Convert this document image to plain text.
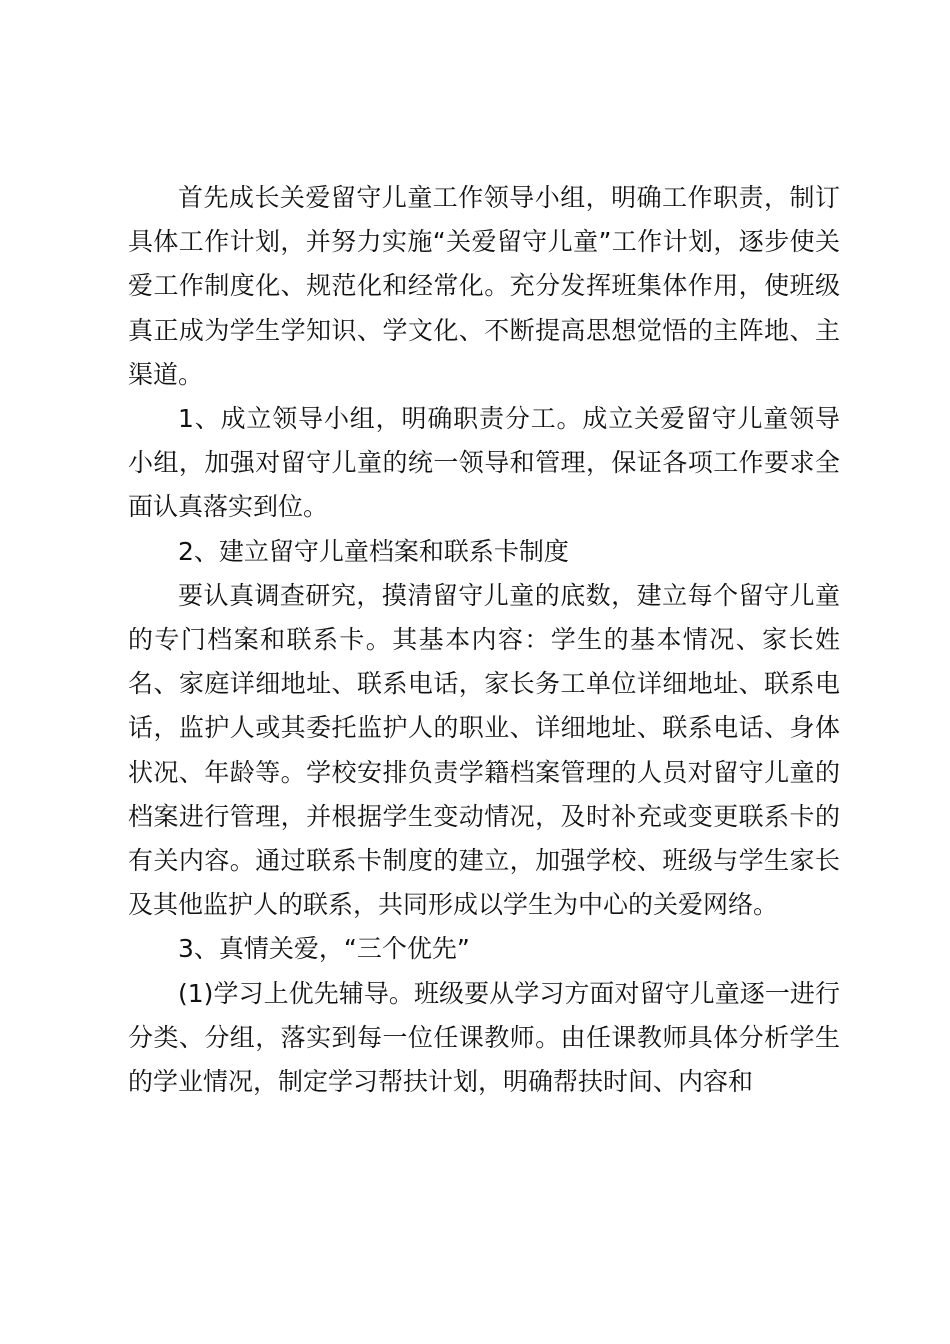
首先成长关爱留守儿童工作领导小组，明确工作职责，制订具体工作计划，并努力实施“关爱留守儿童”工作计划，逐步使关爱工作制度化、规范化和经常化。充分发挥班集体作用，使班级真正成为学生学知识、学文化、不断提高思想觉悟的主阵地、主渠道。

1、成立领导小组，明确职责分工。成立关爱留守儿童领导小组，加强对留守儿童的统一领导和管理，保证各项工作要求全面认真落实到位。

2、建立留守儿童档案和联系卡制度

要认真调查研究，摸清留守儿童的底数，建立每个留守儿童的专门档案和联系卡。其基本内容：学生的基本情况、家长姓名、家庭详细地址、联系电话，家长务工单位详细地址、联系电话，监护人或其委托监护人的职业、详细地址、联系电话、身体状况、年龄等。学校安排负责学籍档案管理的人员对留守儿童的档案进行管理，并根据学生变动情况，及时补充或变更联系卡的有关内容。通过联系卡制度的建立，加强学校、班级与学生家长及其他监护人的联系，共同形成以学生为中心的关爱网络。

3、真情关爱，“三个优先”

(1)学习上优先辅导。班级要从学习方面对留守儿童逐一进行分类、分组，落实到每一位任课教师。由任课教师具体分析学生的学业情况，制定学习帮扶计划，明确帮扶时间、内容和
